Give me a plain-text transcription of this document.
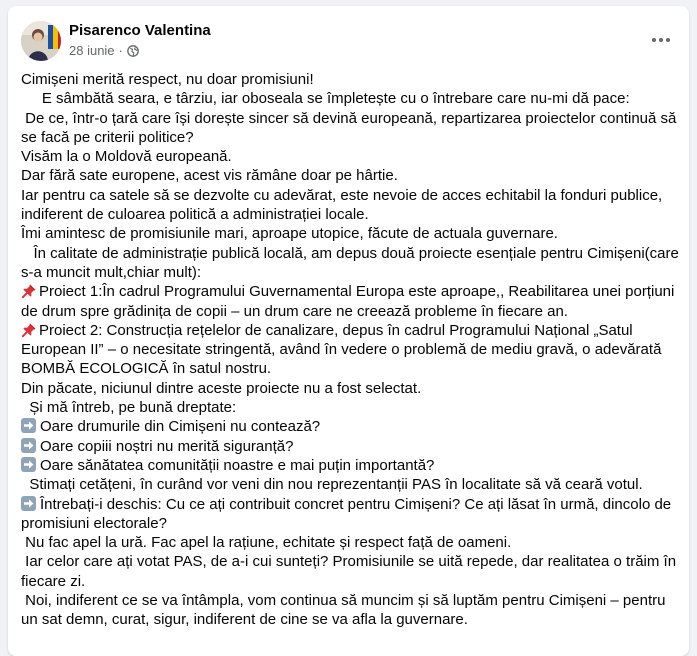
Pisarenco Valentina
28 iunie ·
Cimișeni merită respect, nu doar promisiuni!
E sâmbătă seara, e târziu, iar oboseala se împletește cu o întrebare care nu-mi dă pace:
De ce, într-o țară care își dorește sincer să devină europeană, repartizarea proiectelor continuă să
se facă pe criterii politice?
Visăm la o Moldovă europeană.
Dar fără sate europene, acest vis rămâne doar pe hârtie.
Iar pentru ca satele să se dezvolte cu adevărat, este nevoie de acces echitabil la fonduri publice,
indiferent de culoarea politică a administrației locale.
Îmi amintesc de promisiunile mari, aproape utopice, făcute de actuala guvernare.
În calitate de administrație publică locală, am depus două proiecte esențiale pentru Cimișeni(care
s-a muncit mult,chiar mult):
Proiect 1:În cadrul Programului Guvernamental Europa este aproape,, Reabilitarea unei porțiuni
de drum spre grădinița de copii – un drum care ne creează probleme în fiecare an.
Proiect 2: Construcția rețelelor de canalizare, depus în cadrul Programului Național „Satul
European II” – o necesitate stringentă, având în vedere o problemă de mediu gravă, o adevărată
BOMBĂ ECOLOGICĂ în satul nostru.
Din păcate, niciunul dintre aceste proiecte nu a fost selectat.
Și mă întreb, pe bună dreptate:
Oare drumurile din Cimișeni nu contează?
Oare copiii noștri nu merită siguranță?
Oare sănătatea comunității noastre e mai puțin importantă?
Stimați cetățeni, în curând vor veni din nou reprezentanții PAS în localitate să vă ceară votul.
Întrebați-i deschis: Cu ce ați contribuit concret pentru Cimișeni? Ce ați lăsat în urmă, dincolo de
promisiuni electorale?
Nu fac apel la ură. Fac apel la rațiune, echitate și respect față de oameni.
Iar celor care ați votat PAS, de a-i cui sunteți? Promisiunile se uită repede, dar realitatea o trăim în
fiecare zi.
Noi, indiferent ce se va întâmpla, vom continua să muncim și să luptăm pentru Cimișeni – pentru
un sat demn, curat, sigur, indiferent de cine se va afla la guvernare.
